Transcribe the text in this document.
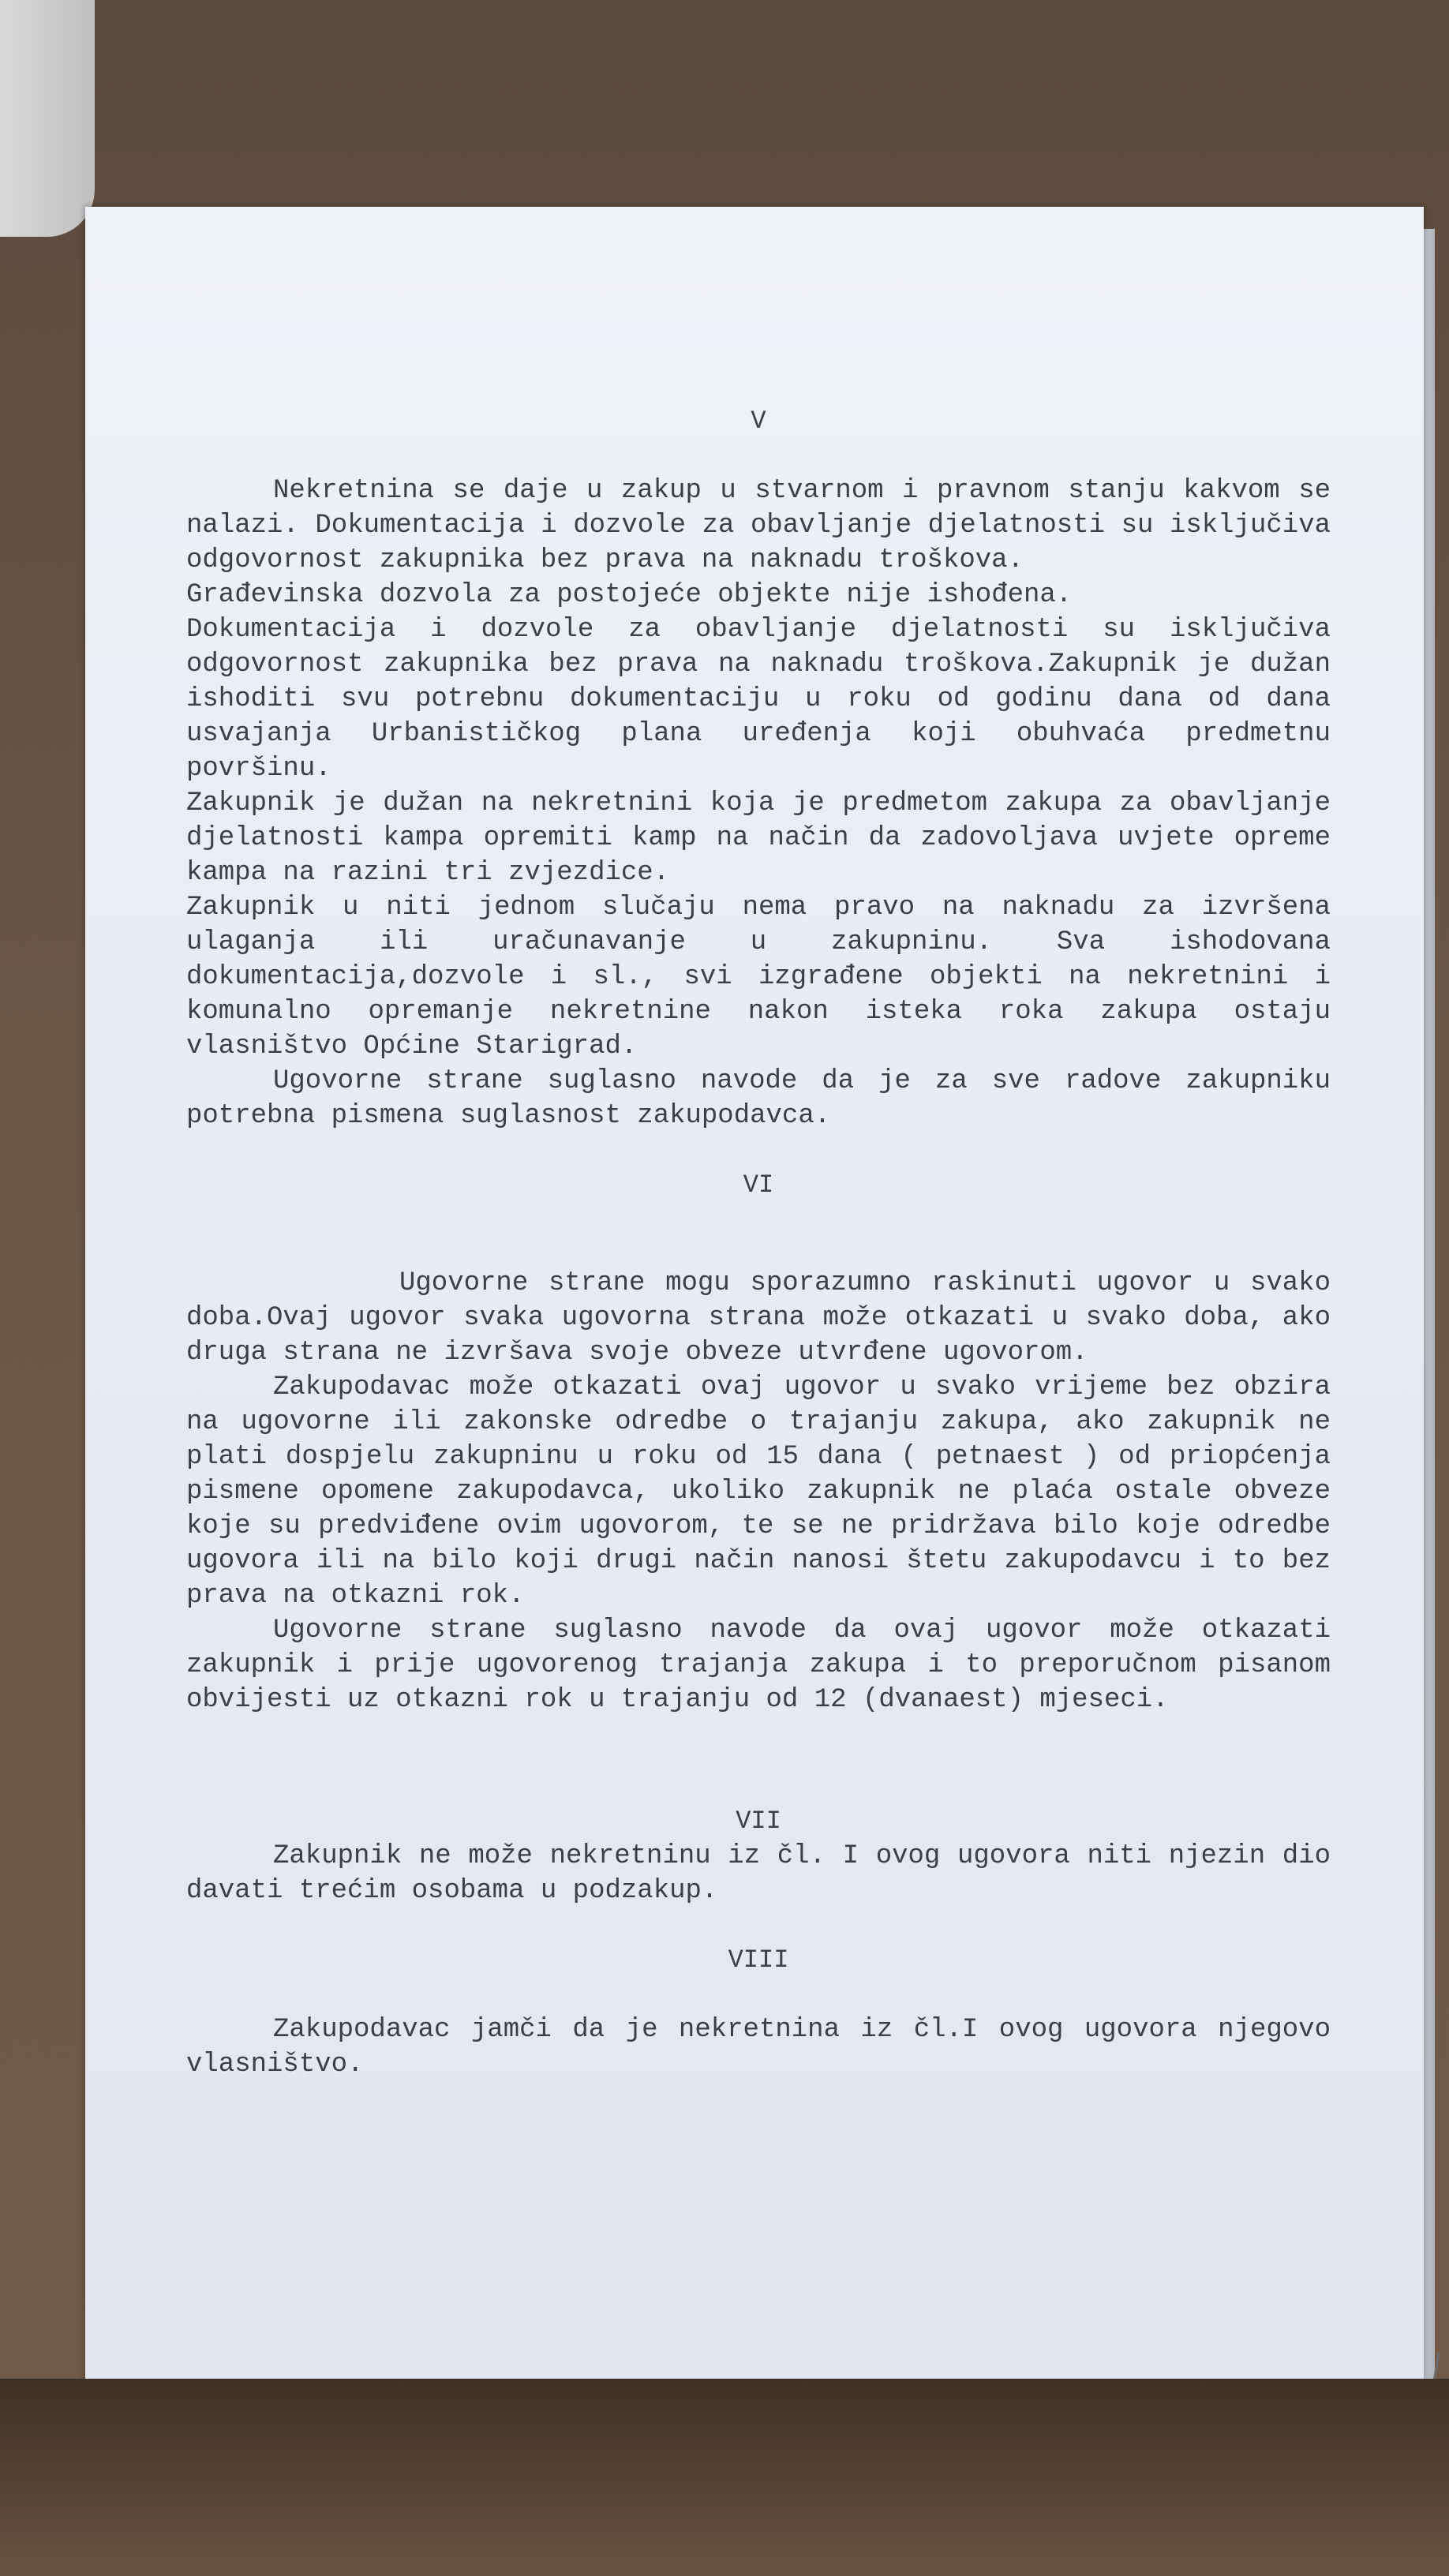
V

Nekretnina se daje u zakup u stvarnom i pravnom stanju kakvom se nalazi. Dokumentacija i dozvole za obavljanje djelatnosti su isključiva odgovornost zakupnika bez prava na naknadu troškova.

Građevinska dozvola za postojeće objekte nije ishođena.

Dokumentacija i dozvole za obavljanje djelatnosti su isključiva odgovornost zakupnika bez prava na naknadu troškova.Zakupnik je dužan ishoditi svu potrebnu dokumentaciju u roku od godinu dana od dana usvajanja Urbanističkog plana uređenja koji obuhvaća predmetnu površinu.

Zakupnik je dužan na nekretnini koja je predmetom zakupa za obavljanje djelatnosti kampa opremiti kamp na način da zadovoljava uvjete opreme kampa na razini tri zvjezdice.

Zakupnik u niti jednom slučaju nema pravo na naknadu za izvršena ulaganja ili uračunavanje u zakupninu. Sva ishodovana dokumentacija,dozvole i sl., svi izgrađene objekti na nekretnini i komunalno opremanje nekretnine nakon isteka roka zakupa ostaju vlasništvo Općine Starigrad.

Ugovorne strane suglasno navode da je za sve radove zakupniku potrebna pismena suglasnost zakupodavca.

VI

Ugovorne strane mogu sporazumno raskinuti ugovor u svako doba.Ovaj ugovor svaka ugovorna strana može otkazati u svako doba, ako druga strana ne izvršava svoje obveze utvrđene ugovorom.

Zakupodavac može otkazati ovaj ugovor u svako vrijeme bez obzira na ugovorne ili zakonske odredbe o trajanju zakupa, ako zakupnik ne plati dospjelu zakupninu u roku od 15 dana ( petnaest ) od priopćenja pismene opomene zakupodavca, ukoliko zakupnik ne plaća ostale obveze koje su predviđene ovim ugovorom, te se ne pridržava bilo koje odredbe ugovora ili na bilo koji drugi način nanosi štetu zakupodavcu i to bez prava na otkazni rok.

Ugovorne strane suglasno navode da ovaj ugovor može otkazati zakupnik i prije ugovorenog trajanja zakupa i to preporučnom pisanom obvijesti uz otkazni rok u trajanju od 12 (dvanaest) mjeseci.

VII

Zakupnik ne može nekretninu iz čl. I ovog ugovora niti njezin dio davati trećim osobama u podzakup.

VIII

Zakupodavac jamči da je nekretnina iz čl.I ovog ugovora njegovo vlasništvo.
